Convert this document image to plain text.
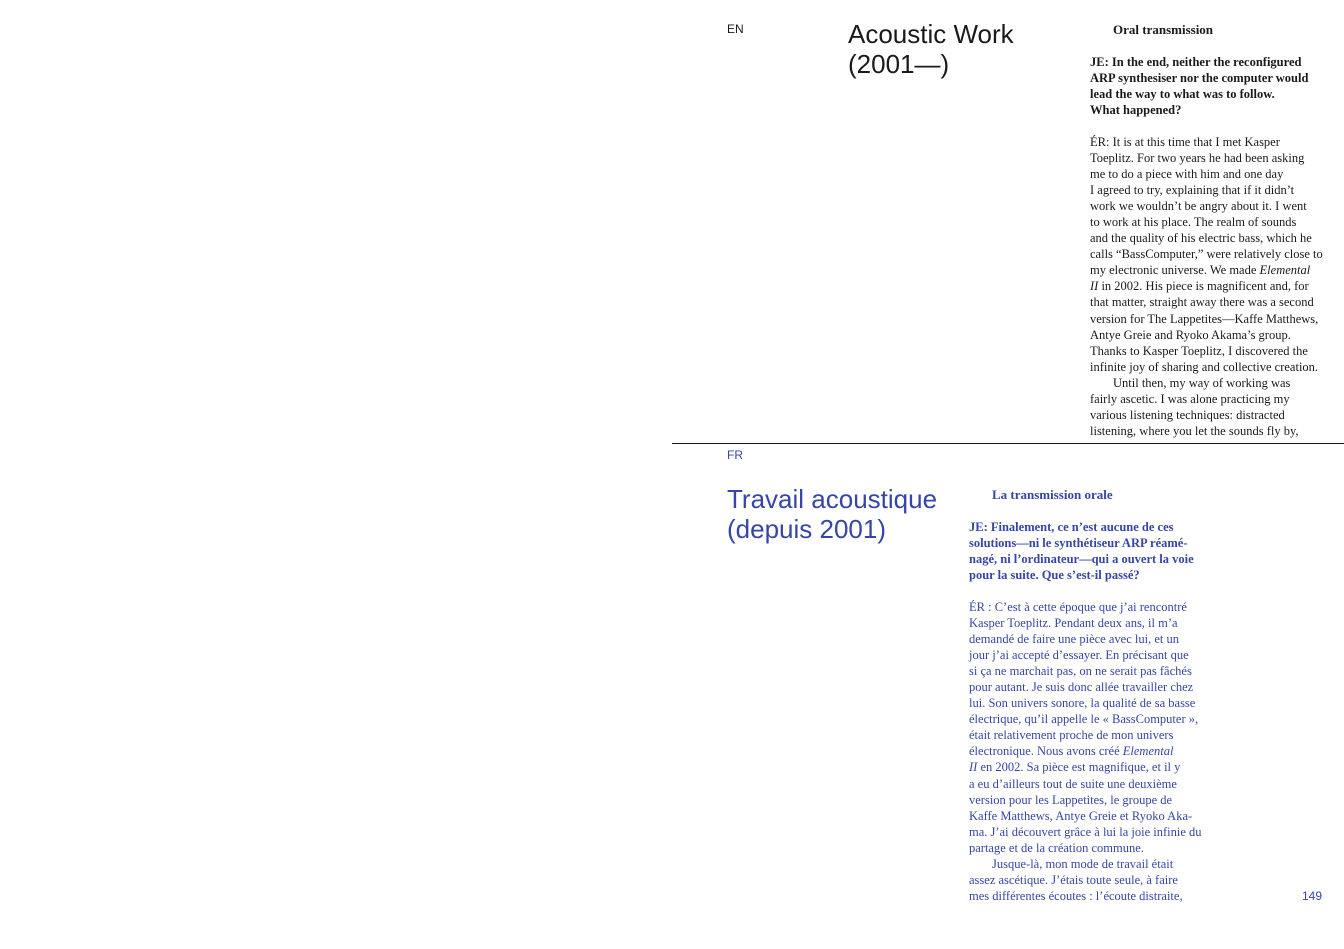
EN	Acoustic Work
(2001—)
Oral transmission
JE: In the end, neither the reconfigured
ARP synthesiser nor the computer would
lead the way to what was to follow.
What happened?
ÉR: It is at this time that I met Kasper
Toeplitz. For two years he had been asking
me to do a piece with him and one day
I agreed to try, explaining that if it didn’t
work we wouldn’t be angry about it. I went
to work at his place. The realm of sounds
and the quality of his electric bass, which he
calls “BassComputer,” were relatively close to
my electronic universe. We made Elemental
II in 2002. His piece is magnificent and, for
that matter, straight away there was a second
version for The Lappetites—Kaffe Matthews,
Antye Greie and Ryoko Akama’s group.
Thanks to Kasper Toeplitz, I discovered the
infinite joy of sharing and collective creation.
Until then, my way of working was
fairly ascetic. I was alone practicing my
various listening techniques: distracted
listening, where you let the sounds fly by,
FR
Travail acoustique
(depuis 2001)
La transmission orale
JE: Finalement, ce n’est aucune de ces
solutions—ni le synthétiseur ARP réamé-
nagé, ni l’ordinateur—qui a ouvert la voie
pour la suite. Que s’est-il passé?
ÉR : C’est à cette époque que j’ai rencontré
Kasper Toeplitz. Pendant deux ans, il m’a
demandé de faire une pièce avec lui, et un
jour j’ai accepté d’essayer. En précisant que
si ça ne marchait pas, on ne serait pas fâchés
pour autant. Je suis donc allée travailler chez
lui. Son univers sonore, la qualité de sa basse
électrique, qu’il appelle le « BassComputer »,
était relativement proche de mon univers
électronique. Nous avons créé Elemental
II en 2002. Sa pièce est magnifique, et il y
a eu d’ailleurs tout de suite une deuxième
version pour les Lappetites, le groupe de
Kaffe Matthews, Antye Greie et Ryoko Aka-
ma. J’ai découvert grâce à lui la joie infinie du
partage et de la création commune.
Jusque-là, mon mode de travail était
assez ascétique. J’étais toute seule, à faire
mes différentes écoutes : l’écoute distraite,	149
